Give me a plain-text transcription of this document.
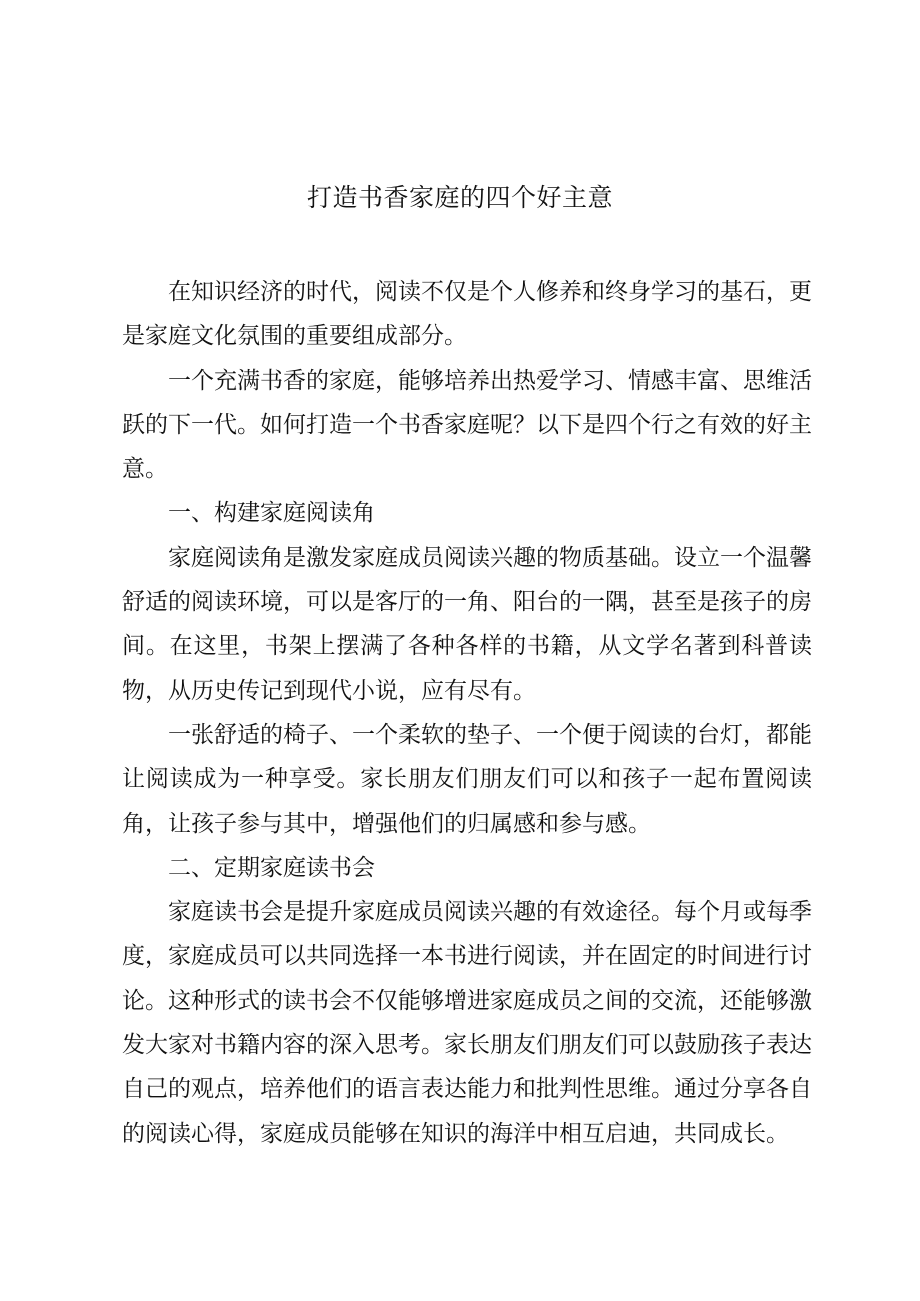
打造书香家庭的四个好主意

在知识经济的时代，阅读不仅是个人修养和终身学习的基石，更是家庭文化氛围的重要组成部分。

一个充满书香的家庭，能够培养出热爱学习、情感丰富、思维活跃的下一代。如何打造一个书香家庭呢？以下是四个行之有效的好主意。

一、构建家庭阅读角

家庭阅读角是激发家庭成员阅读兴趣的物质基础。设立一个温馨舒适的阅读环境，可以是客厅的一角、阳台的一隅，甚至是孩子的房间。在这里，书架上摆满了各种各样的书籍，从文学名著到科普读物，从历史传记到现代小说，应有尽有。

一张舒适的椅子、一个柔软的垫子、一个便于阅读的台灯，都能让阅读成为一种享受。家长朋友们朋友们可以和孩子一起布置阅读角，让孩子参与其中，增强他们的归属感和参与感。

二、定期家庭读书会

家庭读书会是提升家庭成员阅读兴趣的有效途径。每个月或每季度，家庭成员可以共同选择一本书进行阅读，并在固定的时间进行讨论。这种形式的读书会不仅能够增进家庭成员之间的交流，还能够激发大家对书籍内容的深入思考。家长朋友们朋友们可以鼓励孩子表达自己的观点，培养他们的语言表达能力和批判性思维。通过分享各自的阅读心得，家庭成员能够在知识的海洋中相互启迪，共同成长。
